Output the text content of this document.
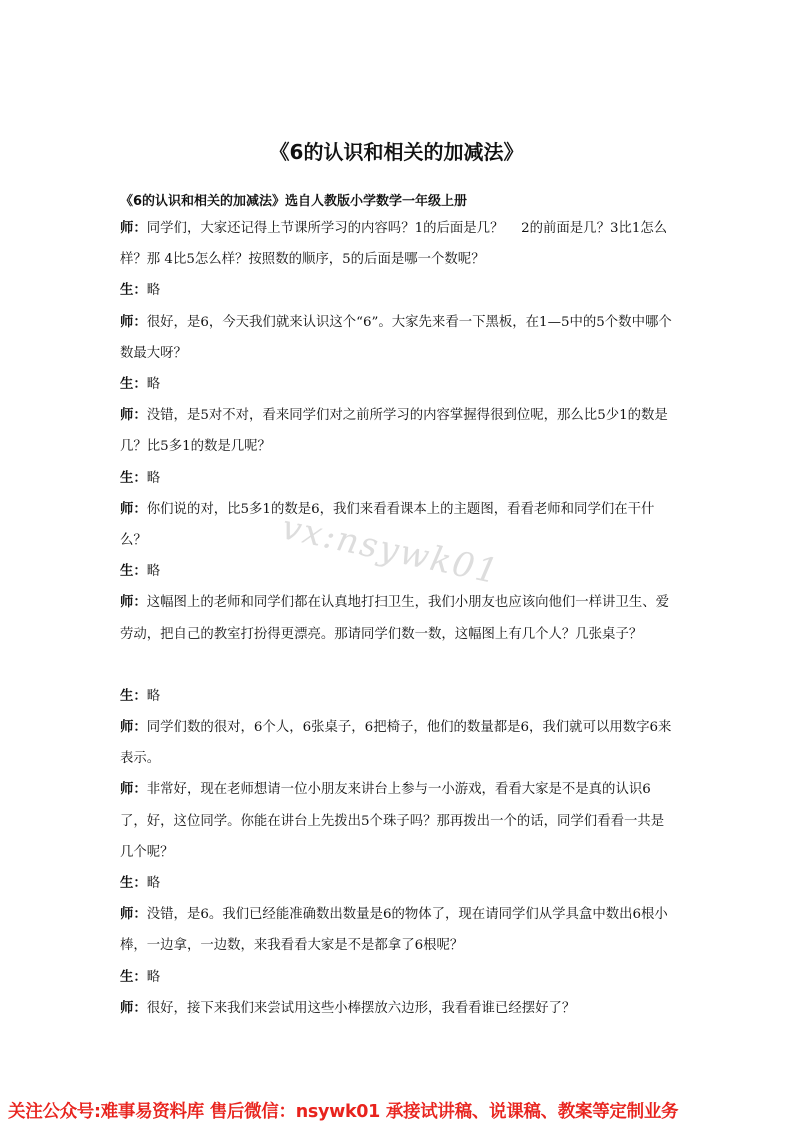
《6的认识和相关的加减法》
《6的认识和相关的加减法》选自人教版小学数学一年级上册
vx:nsywk01

师：同学们，大家还记得上节课所学习的内容吗？1的后面是几？　 2的前面是几？3比1怎么样？那 4比5怎么样？按照数的顺序，5的后面是哪一个数呢？

生：略

师：很好，是6，今天我们就来认识这个“6”。大家先来看一下黑板，在1—5中的5个数中哪个数最大呀？

生：略

师：没错，是5对不对，看来同学们对之前所学习的内容掌握得很到位呢，那么比5少1的数是几？比5多1的数是几呢？

生：略

师：你们说的对，比5多1的数是6，我们来看看课本上的主题图，看看老师和同学们在干什么？

生：略

师：这幅图上的老师和同学们都在认真地打扫卫生，我们小朋友也应该向他们一样讲卫生、爱劳动，把自己的教室打扮得更漂亮。那请同学们数一数，这幅图上有几个人？几张桌子？

生：略

师：同学们数的很对，6个人，6张桌子，6把椅子，他们的数量都是6，我们就可以用数字6来表示。

师：非常好，现在老师想请一位小朋友来讲台上参与一小游戏，看看大家是不是真的认识6了，好，这位同学。你能在讲台上先拨出5个珠子吗？那再拨出一个的话，同学们看看一共是几个呢？

生：略

师：没错，是6。我们已经能准确数出数量是6的物体了，现在请同学们从学具盒中数出6根小棒，一边拿，一边数，来我看看大家是不是都拿了6根呢？

生：略

师：很好，接下来我们来尝试用这些小棒摆放六边形，我看看谁已经摆好了？

关注公众号:难事易资料库 售后微信：nsywk01 承接试讲稿、说课稿、教案等定制业务
